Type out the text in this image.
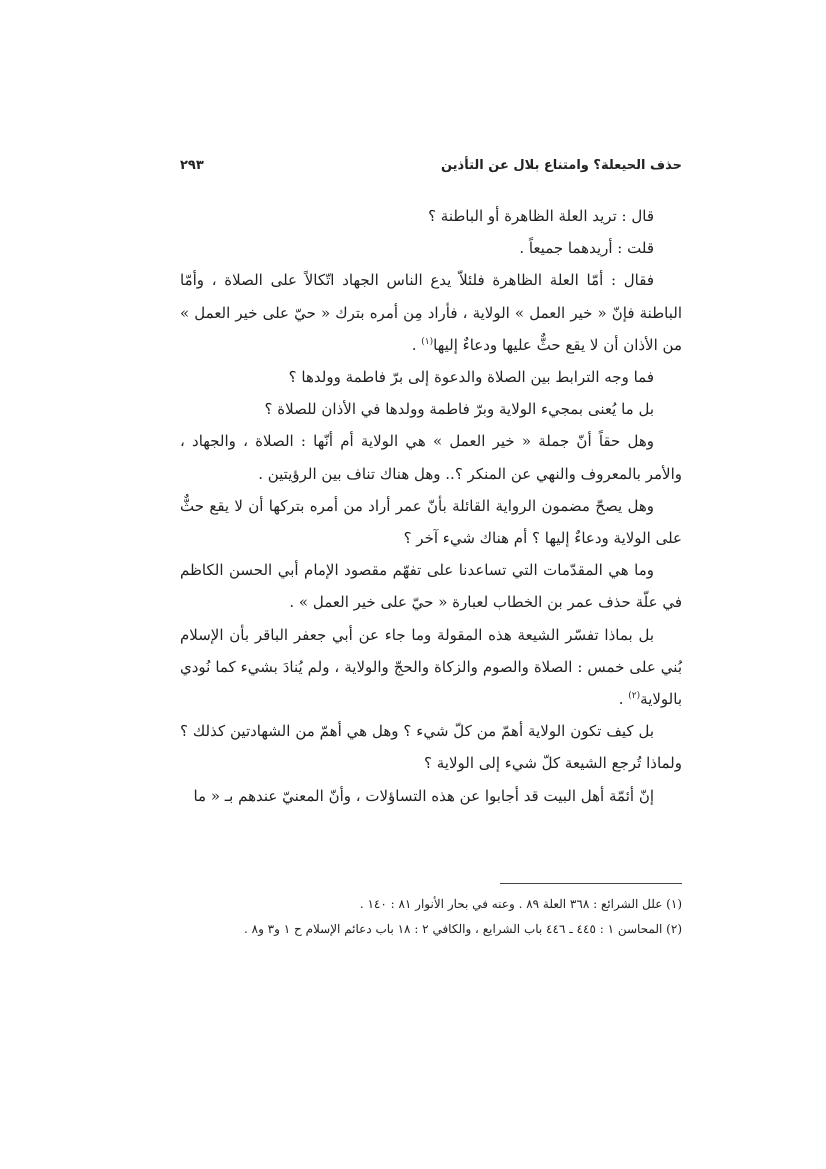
حذف الحيعلة؟ وامتناع بلال عن التأذين
٢٩٣

قال : تريد العلة الظاهرة أو الباطنة ؟

قلت : أريدهما جميعاً .

فقال : أمّا العلة الظاهرة فلئلاّ يدع الناس الجهاد اتّكالاً على الصلاة ، وأمّا الباطنة فإنّ « خير العمل » الولاية ، فأراد مِن أمره بترك « حيّ على خير العمل » من الأذان أن لا يقع حثٌّ عليها ودعاءٌ إليها$^{(١)}$ .

فما وجه الترابط بين الصلاة والدعوة إلى برّ فاطمة وولدها ؟

بل ما يُعنى بمجيء الولاية وبرّ فاطمة وولدها في الأذان للصلاة ؟

وهل حقاً أنّ جملة « خير العمل » هي الولاية أم أنّها : الصلاة ، والجهاد ، والأمر بالمعروف والنهي عن المنكر ؟.. وهل هناك تناف بين الرؤيتين .

وهل يصحّ مضمون الرواية القائلة بأنّ عمر أراد من أمره بتركها أن لا يقع حثٌّ على الولاية ودعاءٌ إليها ؟ أم هناك شيء آخر ؟

وما هي المقدّمات التي تساعدنا على تفهّم مقصود الإمام أبي الحسن الكاظم في علّة حذف عمر بن الخطاب لعبارة « حيّ على خير العمل » .

بل بماذا تفسّر الشيعة هذه المقولة وما جاء عن أبي جعفر الباقر بأن الإسلام بُني على خمس : الصلاة والصوم والزكاة والحجّ والولاية ، ولم يُنادَ بشيء كما نُودي بالولاية$^{(٢)}$ .

بل كيف تكون الولاية أهمّ من كلّ شيء ؟ وهل هي أهمّ من الشهادتين كذلك ؟ ولماذا تُرجع الشيعة كلّ شيء إلى الولاية ؟

إنّ أئمّة أهل البيت قد أجابوا عن هذه التساؤلات ، وأنّ المعنيّ عندهم بـ « ما

(١) علل الشرائع : ٣٦٨ العلة ٨٩ . وعنه في بحار الأنوار ٨١ : ١٤٠ .

(٢) المحاسن ١ : ٤٤٥ ـ ٤٤٦ باب الشرايع ، والكافي ٢ : ١٨ باب دعائم الإسلام ح ١ و٣ و٨ .
